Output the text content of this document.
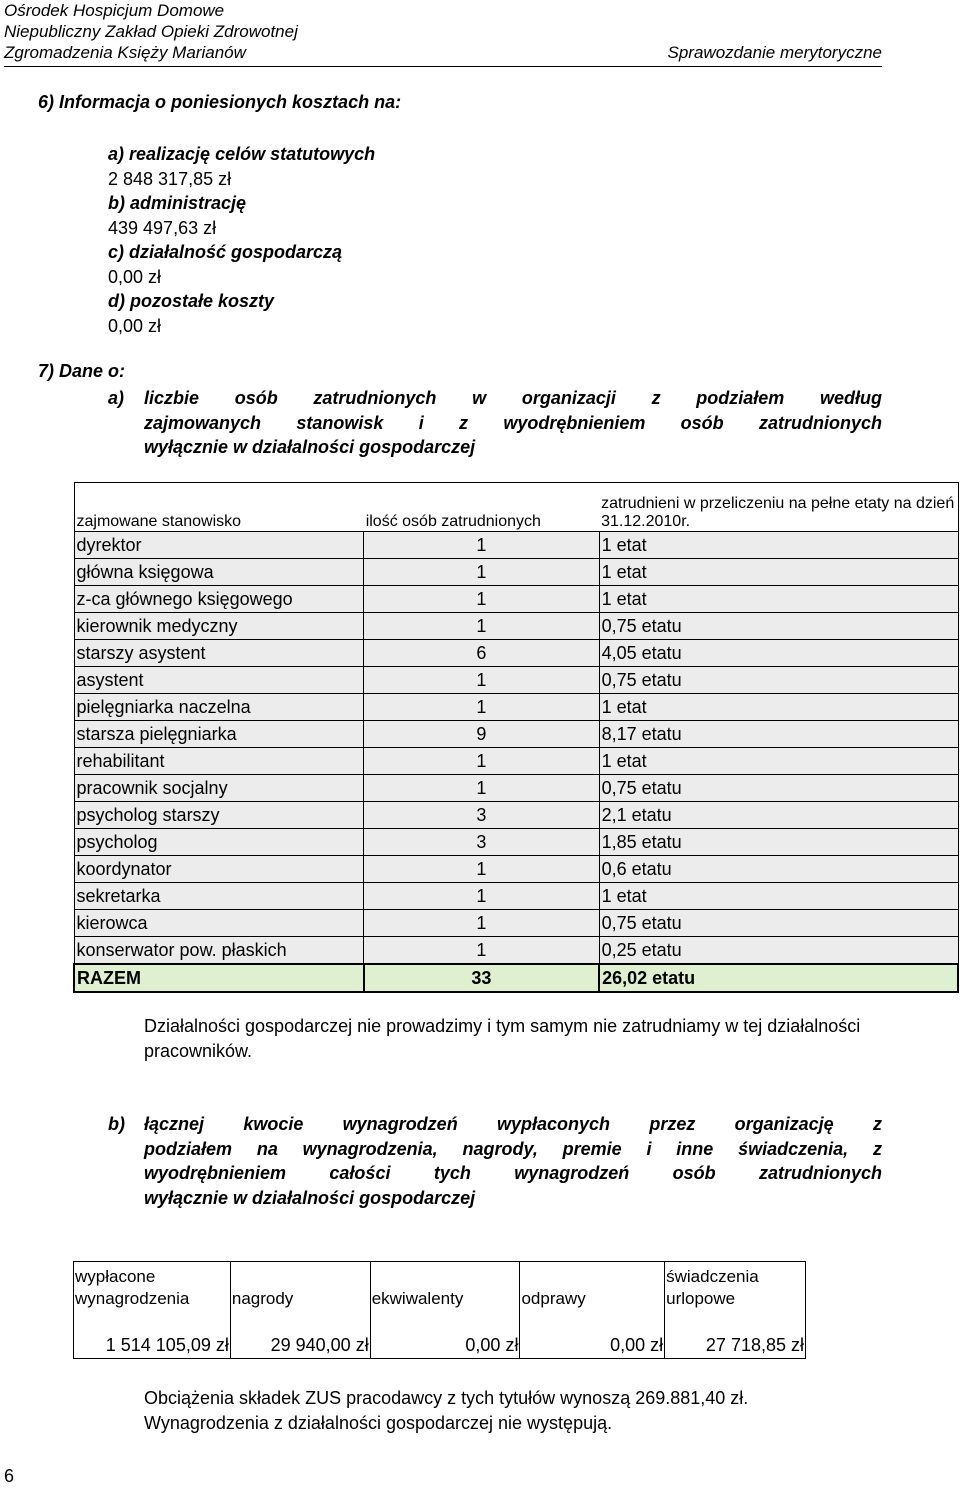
Ośrodek Hospicjum Domowe
Niepubliczny Zakład Opieki Zdrowotnej
Zgromadzenia Księży Marianów	Sprawozdanie merytoryczne
6) Informacja o poniesionych kosztach na:
a) realizację celów statutowych
2 848 317,85 zł
b) administrację
439 497,63 zł
c) działalność gospodarczą
0,00 zł
d) pozostałe koszty
0,00 zł
7) Dane o:
a)	liczbie osób zatrudnionych w organizacji z podziałem według
zajmowanych stanowisk i z wyodrębnieniem osób zatrudnionych
wyłącznie w działalności gospodarczej
zajmowane stanowisko	ilość osób zatrudnionych	zatrudnieni w przeliczeniu na pełne etaty na dzień 31.12.2010r.
dyrektor	1	1 etat
główna księgowa	1	1 etat
z-ca głównego księgowego	1	1 etat
kierownik medyczny	1	0,75 etatu
starszy asystent	6	4,05 etatu
asystent	1	0,75 etatu
pielęgniarka naczelna	1	1 etat
starsza pielęgniarka	9	8,17 etatu
rehabilitant	1	1 etat
pracownik socjalny	1	0,75 etatu
psycholog starszy	3	2,1 etatu
psycholog	3	1,85 etatu
koordynator	1	0,6 etatu
sekretarka	1	1 etat
kierowca	1	0,75 etatu
konserwator pow. płaskich	1	0,25 etatu
RAZEM	33	26,02 etatu
Działalności gospodarczej nie prowadzimy i tym samym nie zatrudniamy w tej działalności pracowników.
b)	łącznej kwocie wynagrodzeń wypłaconych przez organizację z
podziałem na wynagrodzenia, nagrody, premie i inne świadczenia, z
wyodrębnieniem całości tych wynagrodzeń osób zatrudnionych
wyłącznie w działalności gospodarczej
wypłacone wynagrodzenia	nagrody	ekwiwalenty	odprawy	świadczenia urlopowe

1 514 105,09 zł	29 940,00 zł	0,00 zł	0,00 zł	27 718,85 zł
Obciążenia składek ZUS pracodawcy z tych tytułów wynoszą 269.881,40 zł.
Wynagrodzenia z działalności gospodarczej nie występują.
6
